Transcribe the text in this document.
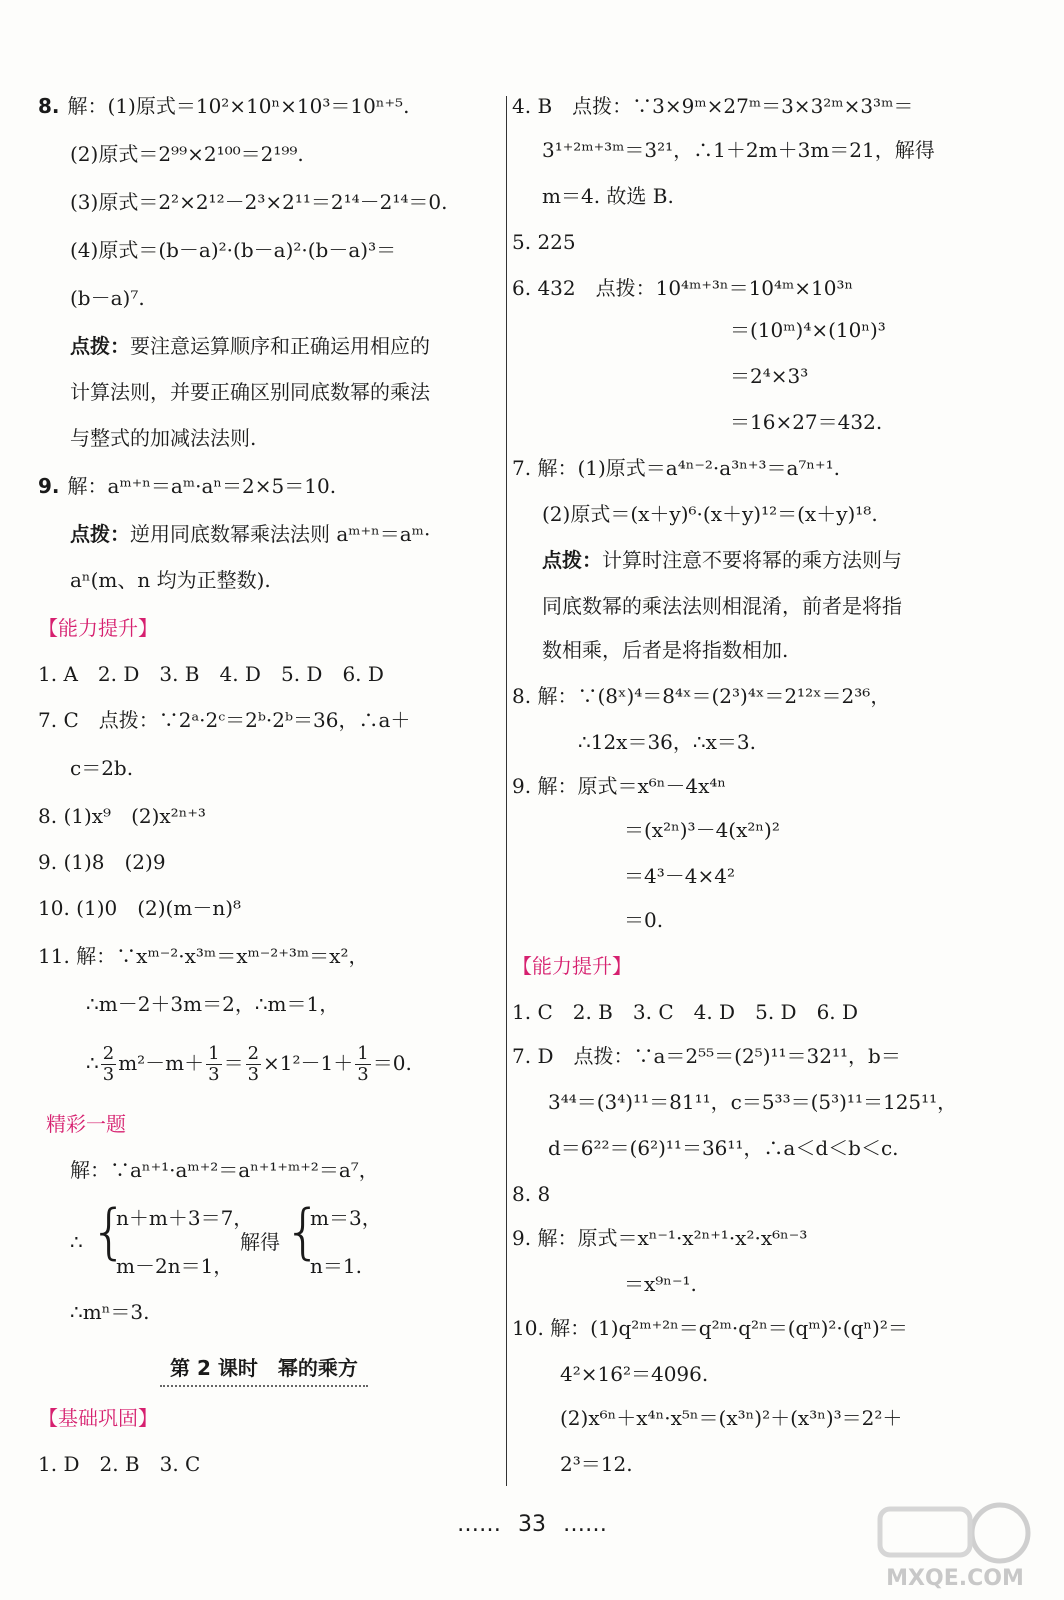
8. 解：(1)原式＝10²×10ⁿ×10³＝10ⁿ⁺⁵.
(2)原式＝2⁹⁹×2¹⁰⁰＝2¹⁹⁹.
(3)原式＝2²×2¹²－2³×2¹¹＝2¹⁴－2¹⁴＝0.
(4)原式＝(b－a)²·(b－a)²·(b－a)³＝
(b－a)⁷.
点拨：要注意运算顺序和正确运用相应的
计算法则，并要正确区别同底数幂的乘法
与整式的加减法法则.
9. 解：aᵐ⁺ⁿ＝aᵐ·aⁿ＝2×5＝10.
点拨：逆用同底数幂乘法法则 aᵐ⁺ⁿ＝aᵐ·
aⁿ(m、n 均为正整数).
【能力提升】
1. A　2. D　3. B　4. D　5. D　6. D
7. C　点拨：∵2ᵃ·2ᶜ＝2ᵇ·2ᵇ＝36，∴a＋
c＝2b.
8. (1)x⁹　(2)x²ⁿ⁺³
9. (1)8　(2)9
10. (1)0　(2)(m－n)⁸
11. 解：∵xᵐ⁻²·x³ᵐ＝xᵐ⁻²⁺³ᵐ＝x²，
∴m－2＋3m＝2，∴m＝1，
∴ $\frac{2}{3} m^2-m+ \frac{1}{3} = \frac{2}{3} \times 1^2-1+ \frac{1}{3} =0$.
精彩一题
解：∵aⁿ⁺¹·aᵐ⁺²＝aⁿ⁺¹⁺ᵐ⁺²＝a⁷，
∴ {
n＋m＋3＝7，
m－2n＝1，
解得 {
m＝3，
n＝1.
∴mⁿ＝3.
第 2 课时　幂的乘方
【基础巩固】
1. D　2. B　3. C
4. B　点拨：∵3×9ᵐ×27ᵐ＝3×3²ᵐ×3³ᵐ＝
3¹⁺²ᵐ⁺³ᵐ＝3²¹，∴1＋2m＋3m＝21，解得
m＝4. 故选 B.
5. 225
6. 432　点拨：10⁴ᵐ⁺³ⁿ＝10⁴ᵐ×10³ⁿ
＝(10ᵐ)⁴×(10ⁿ)³
＝2⁴×3³
＝16×27＝432.
7. 解：(1)原式＝a⁴ⁿ⁻²·a³ⁿ⁺³＝a⁷ⁿ⁺¹.
(2)原式＝(x＋y)⁶·(x＋y)¹²＝(x＋y)¹⁸.
点拨：计算时注意不要将幂的乘方法则与
同底数幂的乘法法则相混淆，前者是将指
数相乘，后者是将指数相加.
8. 解：∵(8ˣ)⁴＝8⁴ˣ＝(2³)⁴ˣ＝2¹²ˣ＝2³⁶，
∴12x＝36，∴x＝3.
9. 解：原式＝x⁶ⁿ－4x⁴ⁿ
＝(x²ⁿ)³－4(x²ⁿ)²
＝4³－4×4²
＝0.
【能力提升】
1. C　2. B　3. C　4. D　5. D　6. D
7. D　点拨：∵a＝2⁵⁵＝(2⁵)¹¹＝32¹¹，b＝
3⁴⁴＝(3⁴)¹¹＝81¹¹，c＝5³³＝(5³)¹¹＝125¹¹，
d＝6²²＝(6²)¹¹＝36¹¹，∴a＜d＜b＜c.
8. 8
9. 解：原式＝xⁿ⁻¹·x²ⁿ⁺¹·x²·x⁶ⁿ⁻³
＝x⁹ⁿ⁻¹.
10. 解：(1)q²ᵐ⁺²ⁿ＝q²ᵐ·q²ⁿ＝(qᵐ)²·(qⁿ)²＝
4²×16²＝4096.
(2)x⁶ⁿ＋x⁴ⁿ·x⁵ⁿ＝(x³ⁿ)²＋(x³ⁿ)³＝2²＋
2³＝12.
…… 33 ……
MXQE.COM
